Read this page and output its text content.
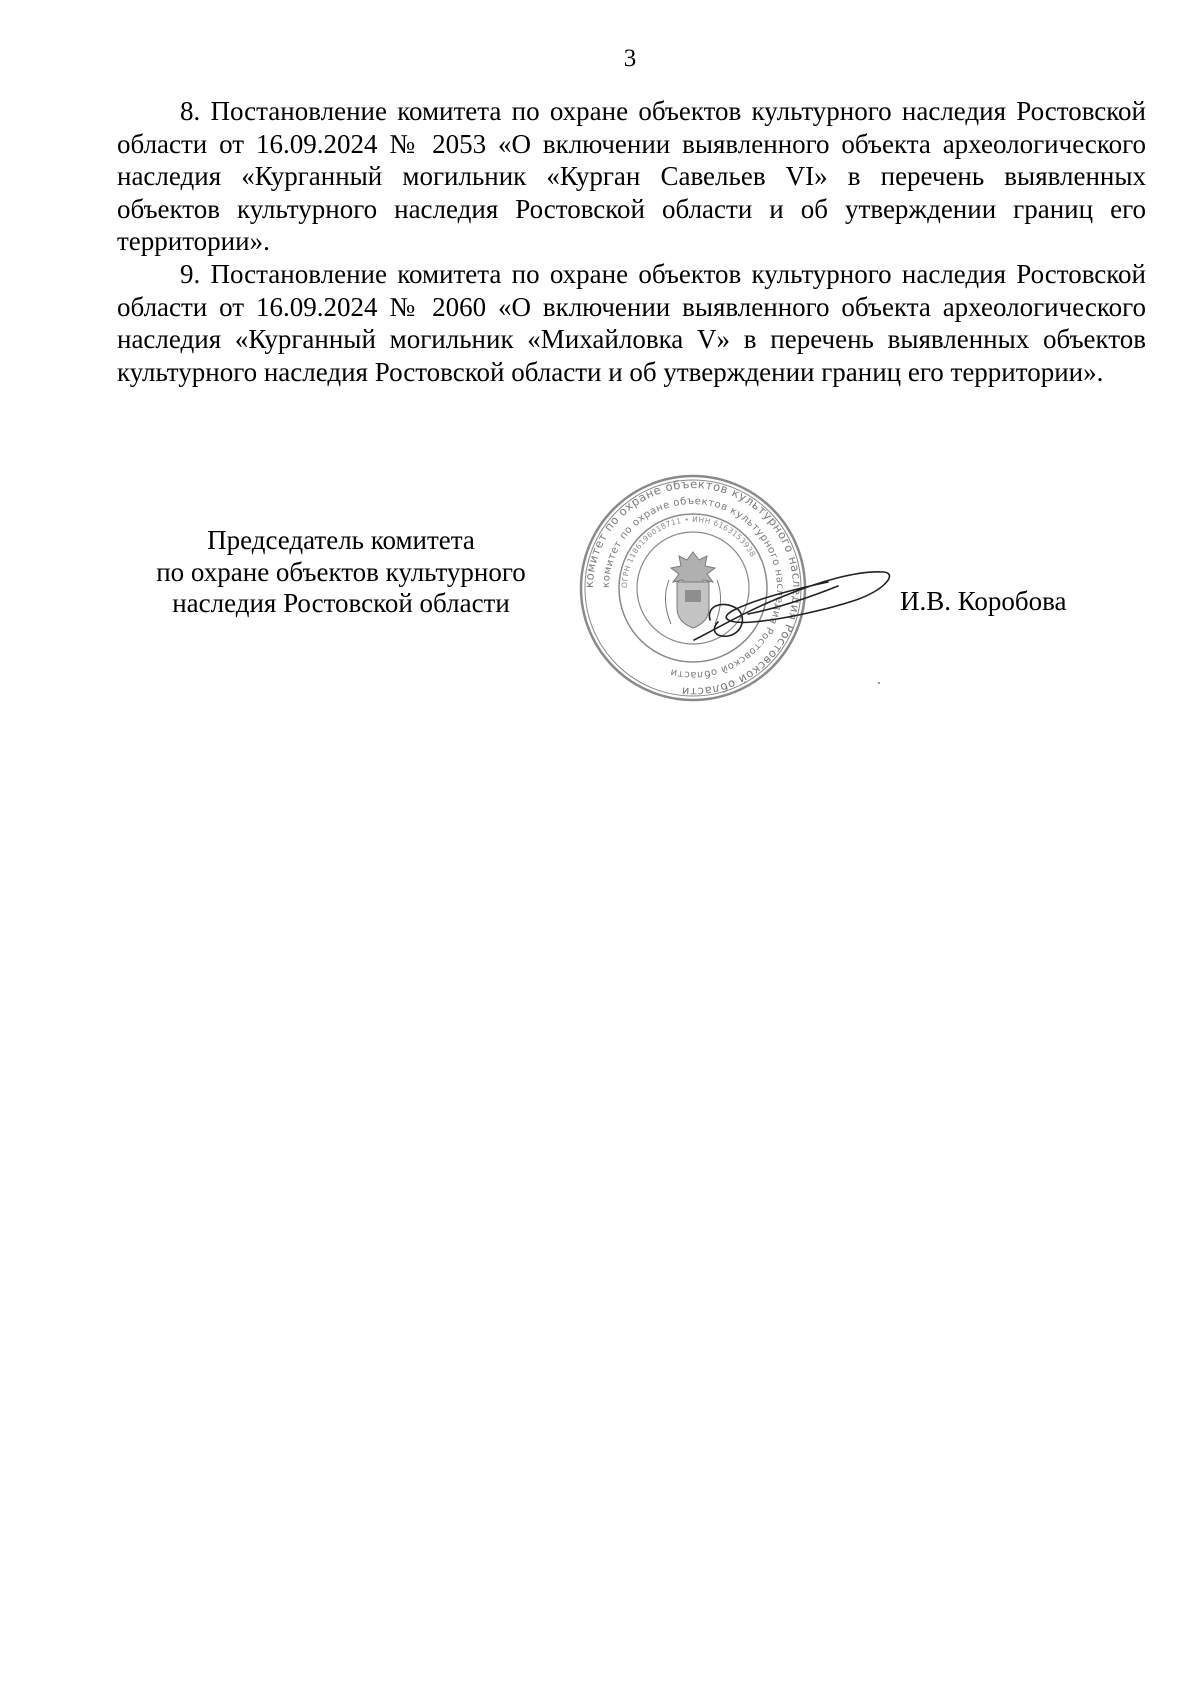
3

8. Постановление комитета по охране объектов культурного наследия Ростовской области от 16.09.2024 № 2053 «О включении выявленного объекта археологического наследия «Курганный могильник «Курган Савельев VI» в перечень выявленных объектов культурного наследия Ростовской области и об утверждении границ его территории».

9. Постановление комитета по охране объектов культурного наследия Ростовской области от 16.09.2024 № 2060 «О включении выявленного объекта археологического наследия «Курганный могильник «Михайловка V» в перечень выявленных объектов культурного наследия Ростовской области и об утверждении границ его территории».

Председатель комитета
по охране объектов культурного
наследия Ростовской области
комитет по охране объектов культурного наследия Ростовской области
комитет по охране объектов культурного наследия Ростовской области
ОГРН 1186196018711 • ИНН 6163153938
И.В. Коробова
